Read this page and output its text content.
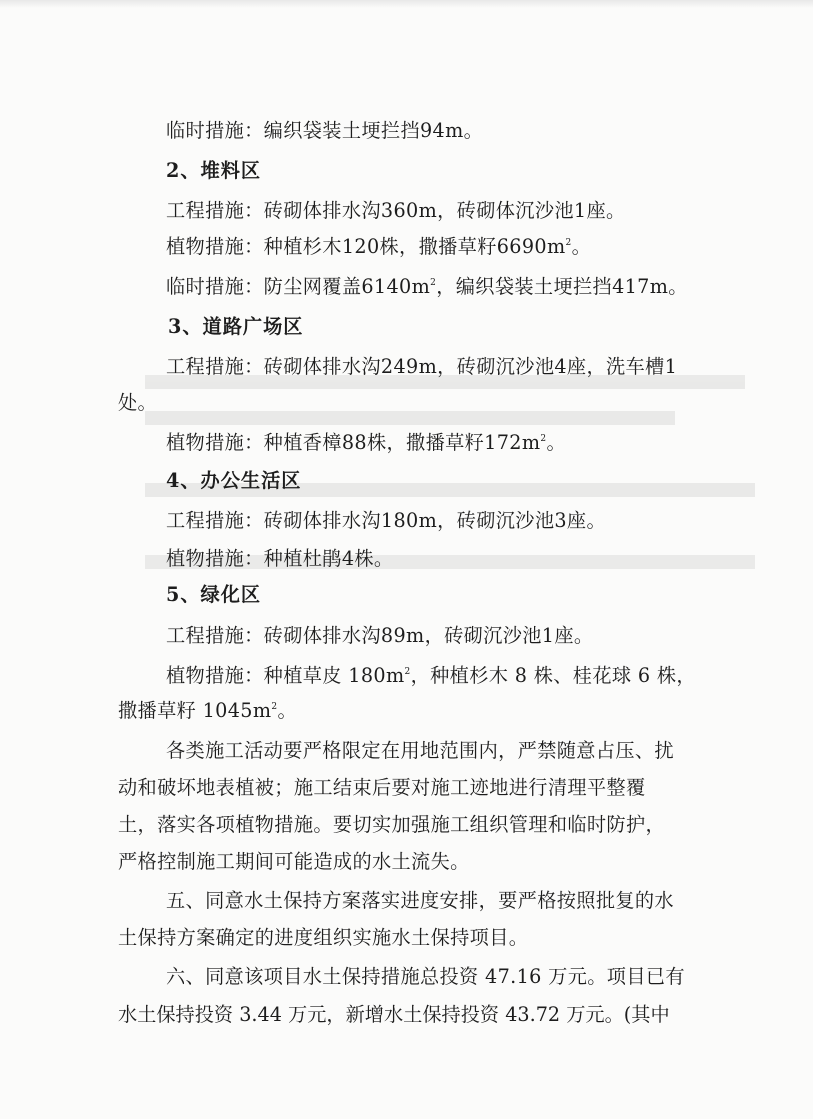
临时措施：编织袋装土埂拦挡94m。
2、堆料区
工程措施：砖砌体排水沟360m，砖砌体沉沙池1座。
植物措施：种植杉木120株，撒播草籽$6690m^2$。
临时措施：防尘网覆盖$6140m^2$，编织袋装土埂拦挡417m。
3、道路广场区
工程措施：砖砌体排水沟249m，砖砌沉沙池4座，洗车槽1
处。
植物措施：种植香樟88株，撒播草籽$172m^2$。
4、办公生活区
工程措施：砖砌体排水沟180m，砖砌沉沙池3座。
植物措施：种植杜鹃4株。
5、绿化区
工程措施：砖砌体排水沟89m，砖砌沉沙池1座。
植物措施：种植草皮 $180m^2$，种植杉木 8 株、桂花球 6 株，
撒播草籽 $1045m^2$。
各类施工活动要严格限定在用地范围内，严禁随意占压、扰
动和破坏地表植被；施工结束后要对施工迹地进行清理平整覆
土，落实各项植物措施。要切实加强施工组织管理和临时防护，
严格控制施工期间可能造成的水土流失。
五、同意水土保持方案落实进度安排，要严格按照批复的水
土保持方案确定的进度组织实施水土保持项目。
六、同意该项目水土保持措施总投资 47.16 万元。项目已有
水土保持投资 3.44 万元，新增水土保持投资 43.72 万元。(其中
